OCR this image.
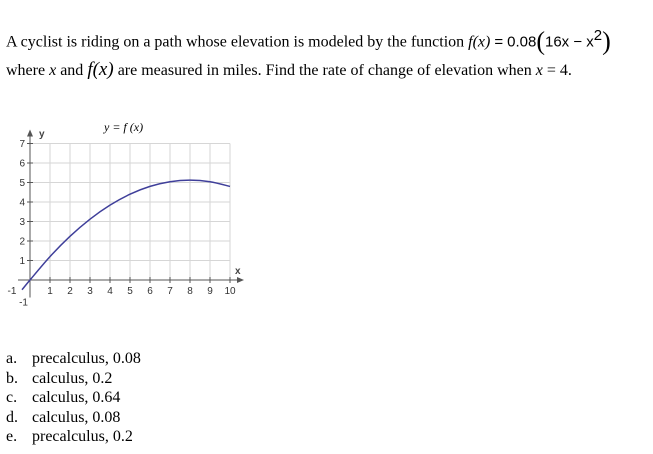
A cyclist is riding on a path whose elevation is modeled by the function $f(x) = 0.08(16x - x^2)$
where x and f(x) are measured in miles. Find the rate of change of elevation when x = 4.
1 2 3 4 5 6 7 8 9 10
1
2
3
4
5
6
7
-1
-1
y = f (x)
y
x
a. precalculus, 0.08
b. calculus, 0.2
c. calculus, 0.64
d. calculus, 0.08
e. precalculus, 0.2
